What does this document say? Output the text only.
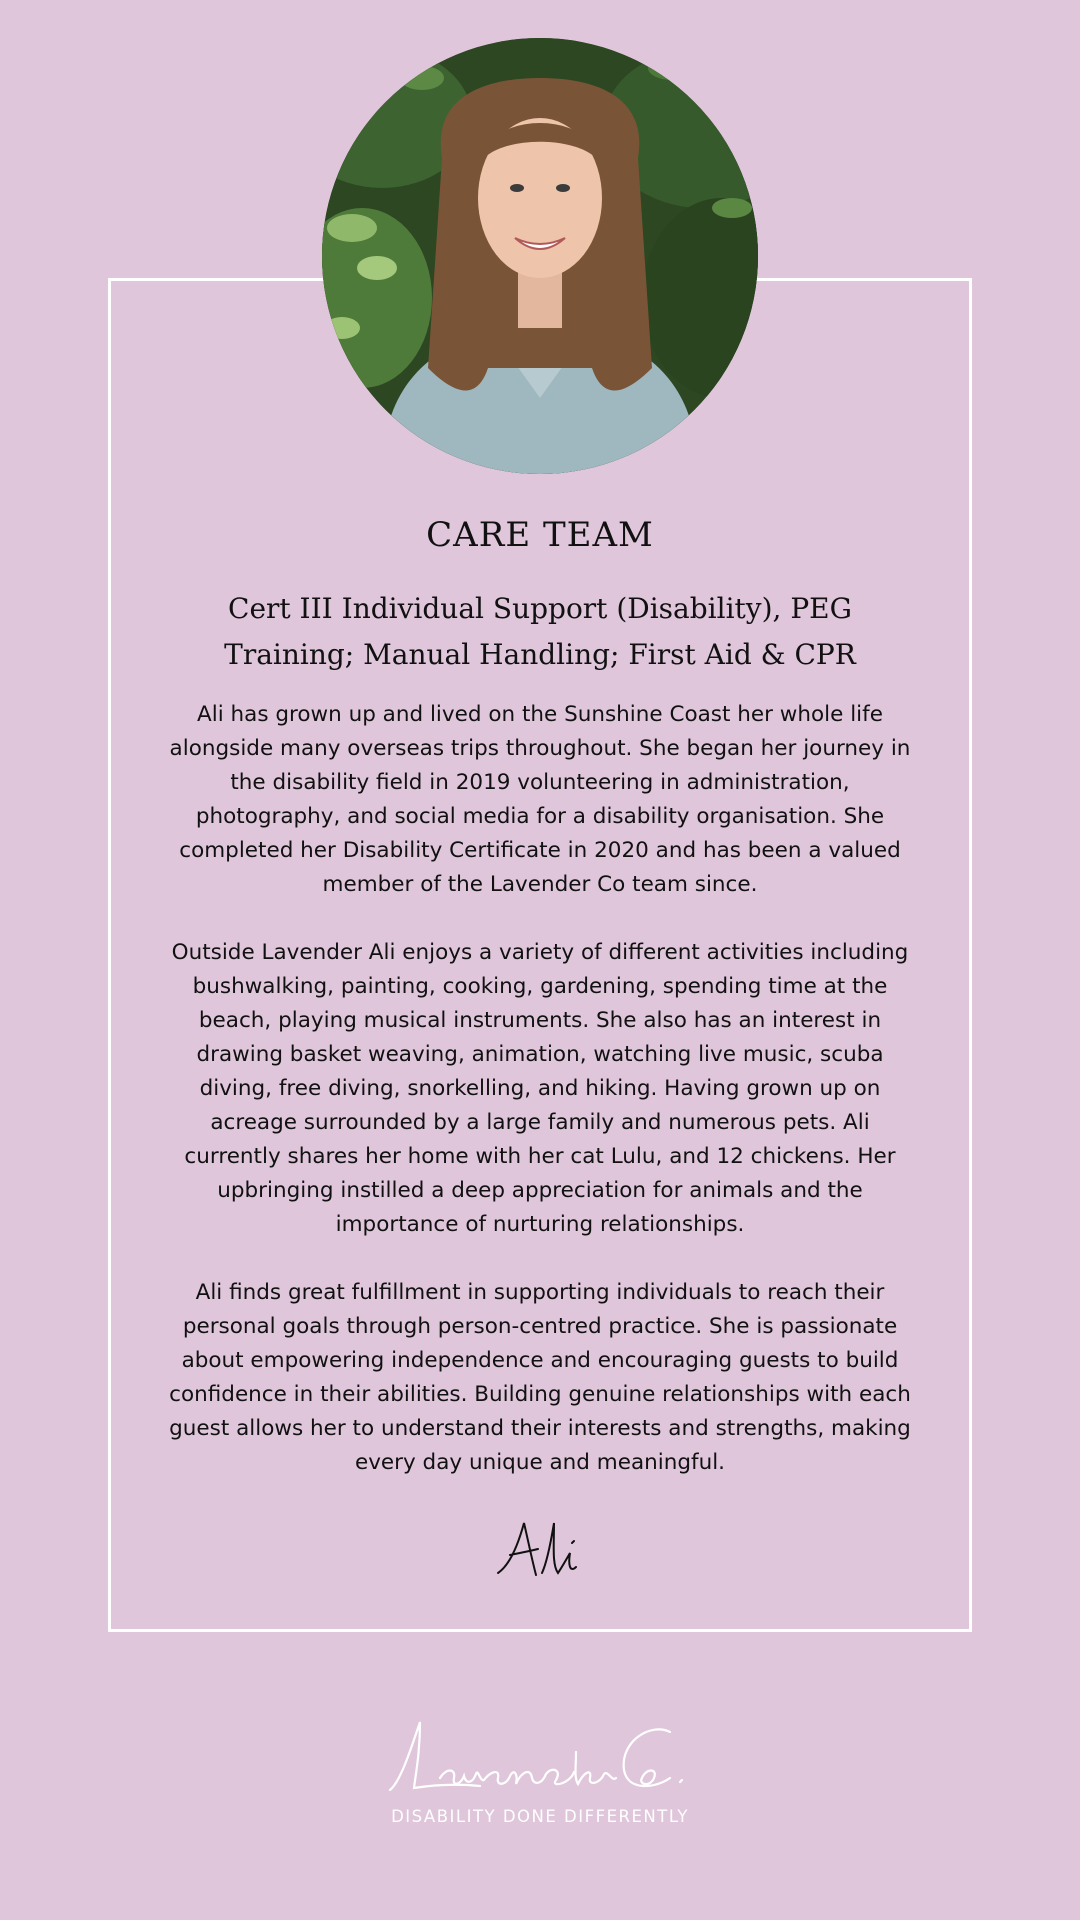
CARE TEAM
Cert III Individual Support (Disability), PEG Training; Manual Handling; First Aid & CPR

Ali has grown up and lived on the Sunshine Coast her whole life alongside many overseas trips throughout. She began her journey in the disability field in 2019 volunteering in administration, photography, and social media for a disability organisation. She completed her Disability Certificate in 2020 and has been a valued member of the Lavender Co team since.

Outside Lavender Ali enjoys a variety of different activities including bushwalking, painting, cooking, gardening, spending time at the beach, playing musical instruments. She also has an interest in drawing basket weaving, animation, watching live music, scuba diving, free diving, snorkelling, and hiking. Having grown up on acreage surrounded by a large family and numerous pets. Ali currently shares her home with her cat Lulu, and 12 chickens. Her upbringing instilled a deep appreciation for animals and the importance of nurturing relationships.

Ali finds great fulfillment in supporting individuals to reach their personal goals through person-centred practice. She is passionate about empowering independence and encouraging guests to build confidence in their abilities. Building genuine relationships with each guest allows her to understand their interests and strengths, making every day unique and meaningful.

DISABILITY DONE DIFFERENTLY
